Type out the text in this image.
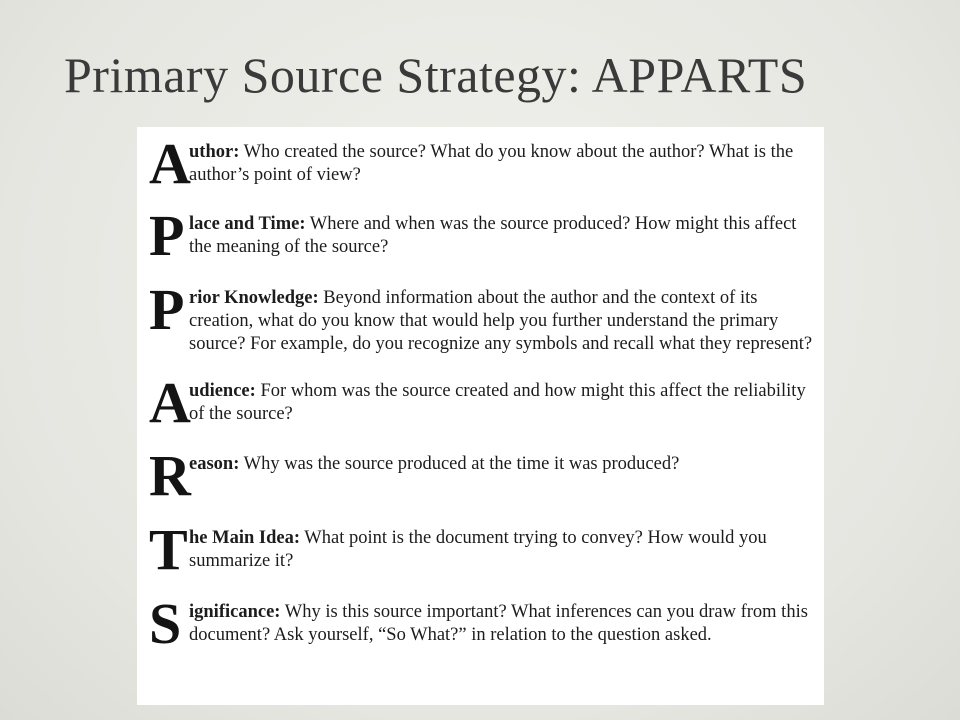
Primary Source Strategy: APPARTS
A
uthor: Who created the source? What do you know about the author? What is the author’s point of view?
P lace and Time: Where and when was the source produced? How might this affect the meaning of the source?
P rior Knowledge: Beyond information about the author and the context of its creation, what do you know that would help you further understand the primary source? For example, do you recognize any symbols and recall what they represent?
A
udience: For whom was the source created and how might this affect the reliability of the source?
R
eason: Why was the source produced at the time it was produced?
T he Main Idea: What point is the document trying to convey? How would you summarize it?
S ignificance: Why is this source important? What inferences can you draw from this document? Ask yourself, “So What?” in relation to the question asked.
